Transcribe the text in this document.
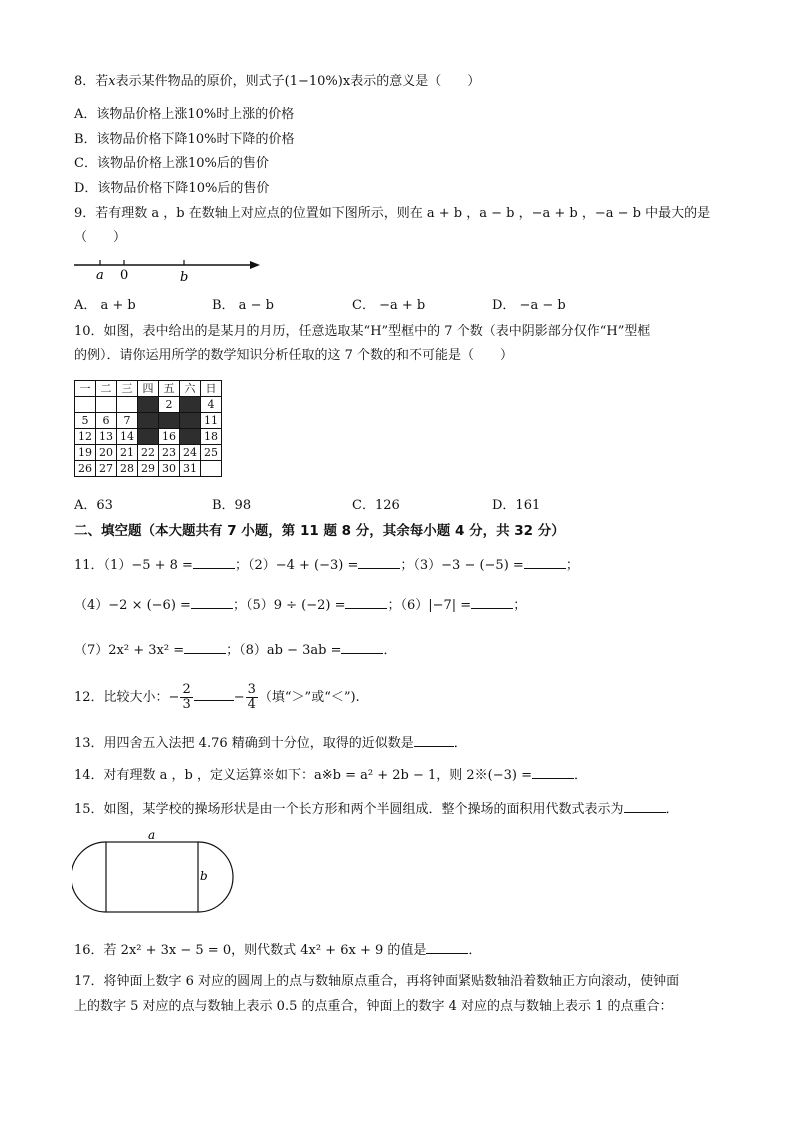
8．若x表示某件物品的原价，则式子(1−10%)x表示的意义是（　　）
A．该物品价格上涨10%时上涨的价格
B．该物品价格下降10%时下降的价格
C．该物品价格上涨10%后的售价
D．该物品价格下降10%后的售价
9．若有理数 a ，b 在数轴上对应点的位置如下图所示，则在 a + b ，a − b ，−a + b ，−a − b 中最大的是
（　　）
a 0	b
A． a + b	B． a − b	C． −a + b	D． −a − b
10．如图，表中给出的是某月的月历，任意选取某“H”型框中的 7 个数（表中阴影部分仅作“H”型框
的例）．请你运用所学的数学知识分析任取的这 7 个数的和不可能是（　　）
一	二	三	四	五	六	日
				2		4
5	6	7				11
12	13	14		16		18
19	20	21	22	23	24	25
26	27	28	29	30	31	
A．63	B．98	C．126	D．161
二、填空题（本大题共有 7 小题，第 11 题 8 分，其余每小题 4 分，共 32 分）
11．（1）−5 + 8 =	；（2）−4 + (−3) =	；（3）−3 − (−5) =	；
（4）−2 × (−6) =	；（5）9 ÷ (−2) =	；（6）|−7| =	；
（7）2x² + 3x² =	；（8）ab − 3ab =	．
12．比较大小：− $\frac{2}{3}$	− $\frac{3}{4}$ （填“＞”或“＜”).
13．用四舍五入法把 4.76 精确到十分位，取得的近似数是	．
14．对有理数 a ，b ，定义运算※如下：a※b = a² + 2b − 1，则 2※(−3) =	．
15．如图，某学校的操场形状是由一个长方形和两个半圆组成．整个操场的面积用代数式表示为	．
a
b
16．若 2x² + 3x − 5 = 0，则代数式 4x² + 6x + 9 的值是	．
17．将钟面上数字 6 对应的圆周上的点与数轴原点重合，再将钟面紧贴数轴沿着数轴正方向滚动，使钟面
上的数字 5 对应的点与数轴上表示 0.5 的点重合，钟面上的数字 4 对应的点与数轴上表示 1 的点重合：
